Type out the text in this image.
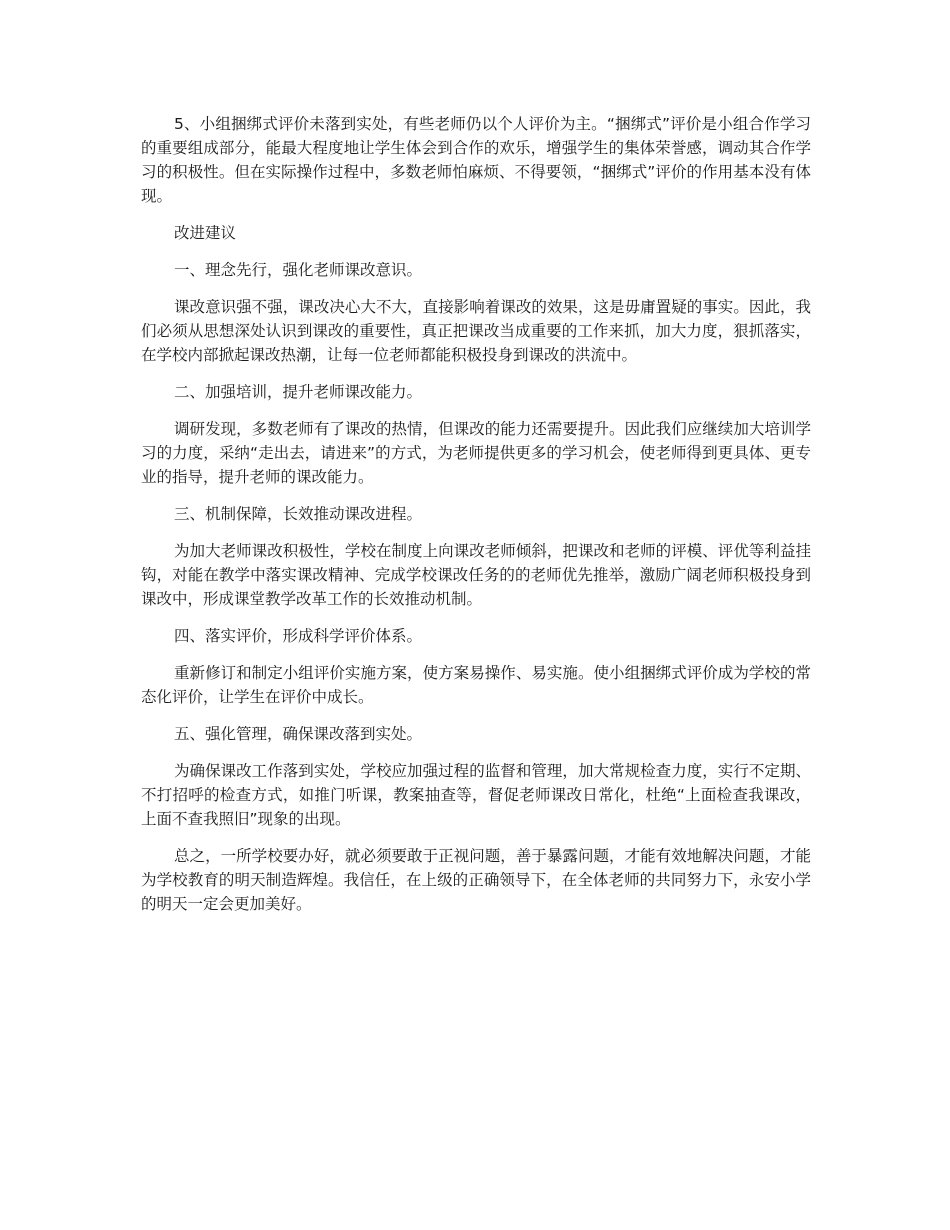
5、小组捆绑式评价未落到实处，有些老师仍以个人评价为主。“捆绑式”评价是小组合作学习的重要组成部分，能最大程度地让学生体会到合作的欢乐，增强学生的集体荣誉感，调动其合作学习的积极性。但在实际操作过程中，多数老师怕麻烦、不得要领，“捆绑式”评价的作用基本没有体现。

改进建议

一、理念先行，强化老师课改意识。

课改意识强不强，课改决心大不大，直接影响着课改的效果，这是毋庸置疑的事实。因此，我们必须从思想深处认识到课改的重要性，真正把课改当成重要的工作来抓，加大力度，狠抓落实，在学校内部掀起课改热潮，让每一位老师都能积极投身到课改的洪流中。

二、加强培训，提升老师课改能力。

调研发现，多数老师有了课改的热情，但课改的能力还需要提升。因此我们应继续加大培训学习的力度，采纳“走出去，请进来”的方式，为老师提供更多的学习机会，使老师得到更具体、更专业的指导，提升老师的课改能力。

三、机制保障，长效推动课改进程。

为加大老师课改积极性，学校在制度上向课改老师倾斜，把课改和老师的评模、评优等利益挂钩，对能在教学中落实课改精神、完成学校课改任务的的老师优先推举，激励广阔老师积极投身到课改中，形成课堂教学改革工作的长效推动机制。

四、落实评价，形成科学评价体系。

重新修订和制定小组评价实施方案，使方案易操作、易实施。使小组捆绑式评价成为学校的常态化评价，让学生在评价中成长。

五、强化管理，确保课改落到实处。

为确保课改工作落到实处，学校应加强过程的监督和管理，加大常规检查力度，实行不定期、不打招呼的检查方式，如推门听课，教案抽查等，督促老师课改日常化，杜绝“上面检查我课改，上面不查我照旧”现象的出现。

总之，一所学校要办好，就必须要敢于正视问题，善于暴露问题，才能有效地解决问题，才能为学校教育的明天制造辉煌。我信任，在上级的正确领导下，在全体老师的共同努力下，永安小学的明天一定会更加美好。
